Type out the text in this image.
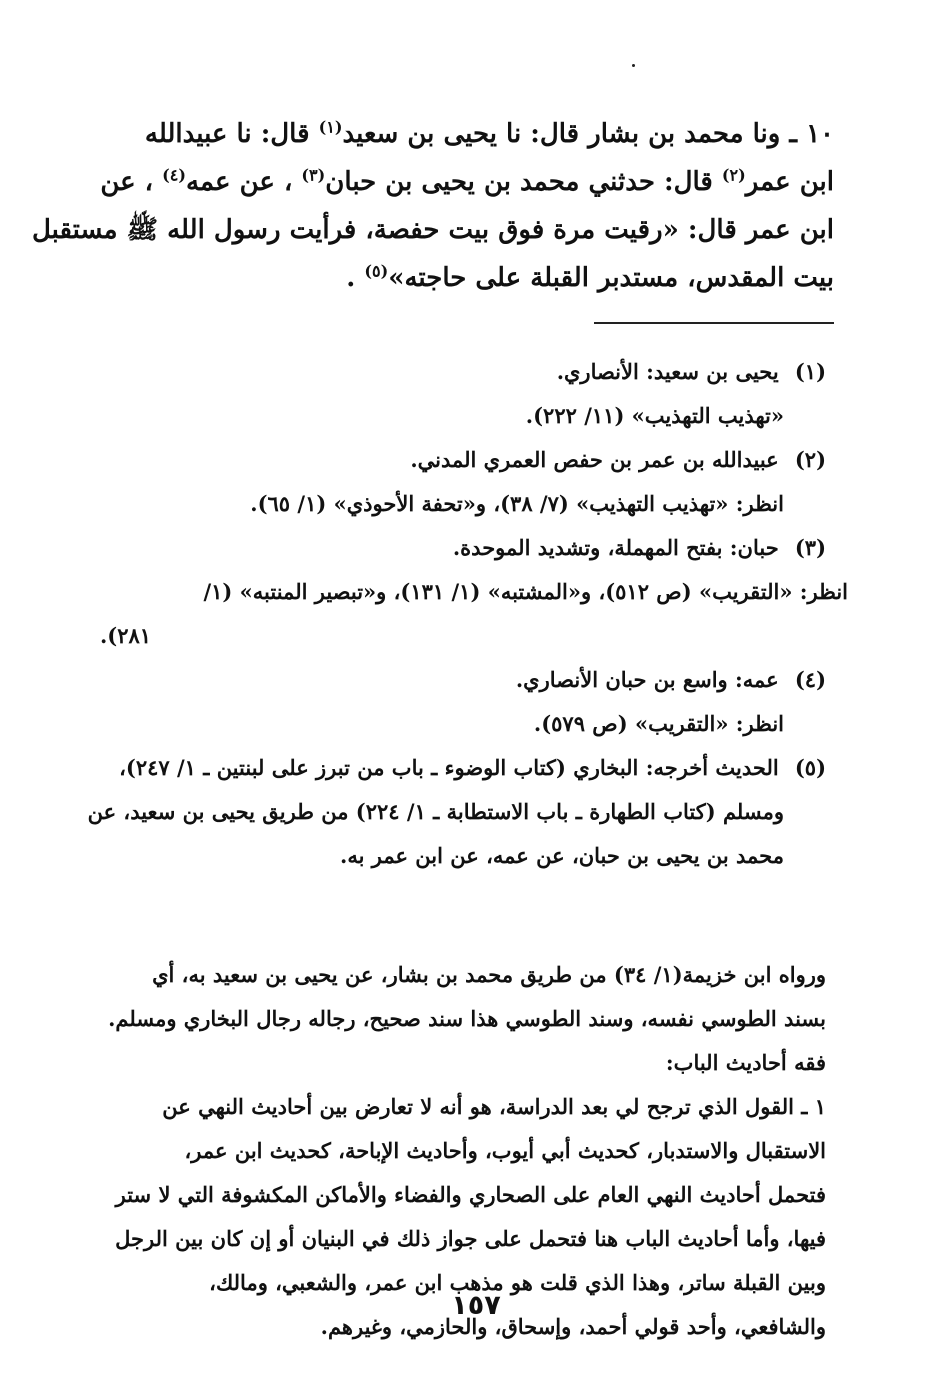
١٠ ـ ونا محمد بن بشار قال: نا يحيى بن سعيد$^{(١)}$ قال: نا عبيدالله

ابن عمر$^{(٢)}$ قال: حدثني محمد بن يحيى بن حبان$^{(٣)}$ ، عن عمه$^{(٤)}$ ، عن

ابن عمر قال: «رقيت مرة فوق بيت حفصة، فرأيت رسول الله ﷺ مستقبل

بيت المقدس، مستدبر القبلة على حاجته»$^{(٥)}$ .

(١) يحيى بن سعيد: الأنصاري.
«تهذيب التهذيب» (١١/ ٢٢٢).
(٢) عبيدالله بن عمر بن حفص العمري المدني.
انظر: «تهذيب التهذيب» (٧/ ٣٨)، و«تحفة الأحوذي» (١/ ٦٥).
(٣) حبان: بفتح المهملة، وتشديد الموحدة.
انظر: «التقريب» (ص ٥١٢)، و«المشتبه» (١/ ١٣١)، و«تبصير المنتبه» (١/
٢٨١).
(٤) عمه: واسع بن حبان الأنصاري.
انظر: «التقريب» (ص ٥٧٩).
(٥) الحديث أخرجه: البخاري (كتاب الوضوء ـ باب من تبرز على لبنتين ـ ١/ ٢٤٧)،
ومسلم (كتاب الطهارة ـ باب الاستطابة ـ ١/ ٢٢٤) من طريق يحيى بن سعيد، عن
محمد بن يحيى بن حبان، عن عمه، عن ابن عمر به.

ورواه ابن خزيمة(١/ ٣٤) من طريق محمد بن بشار، عن يحيى بن سعيد به، أي

بسند الطوسي نفسه، وسند الطوسي هذا سند صحيح، رجاله رجال البخاري ومسلم.

فقه أحاديث الباب:

١ ـ القول الذي ترجح لي بعد الدراسة، هو أنه لا تعارض بين أحاديث النهي عن

الاستقبال والاستدبار، كحديث أبي أيوب، وأحاديث الإباحة، كحديث ابن عمر،

فتحمل أحاديث النهي العام على الصحاري والفضاء والأماكن المكشوفة التي لا ستر

فيها، وأما أحاديث الباب هنا فتحمل على جواز ذلك في البنيان أو إن كان بين الرجل

وبين القبلة ساتر، وهذا الذي قلت هو مذهب ابن عمر، والشعبي، ومالك،

والشافعي، وأحد قولي أحمد، وإسحاق، والحازمي، وغيرهم.

١٥٧
